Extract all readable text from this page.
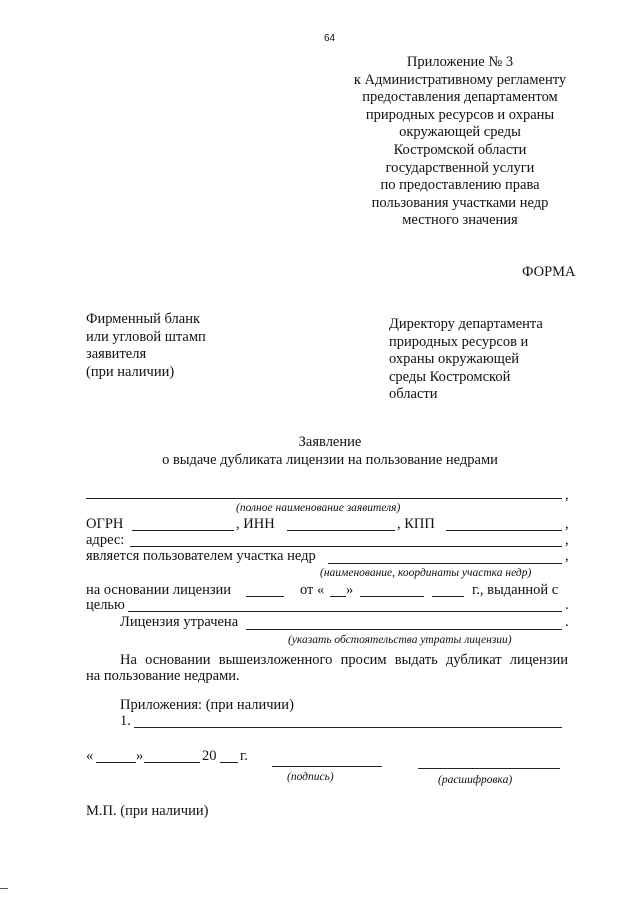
64
Приложение № 3
к Административному регламенту
предоставления департаментом
природных ресурсов и охраны
окружающей среды
Костромской области
государственной услуги
по предоставлению права
пользования участками недр
местного значения
ФОРМА
Фирменный бланк
или угловой штамп
заявителя
(при наличии)
Директору департамента
природных ресурсов и
охраны окружающей
среды Костромской
области
Заявление
о выдаче дубликата лицензии на пользование недрами
,
(полное наименование заявителя)
ОГРН	, ИНН	, КПП	,
адрес:	,
является пользователем участка недр	,
(наименование, координаты участка недр)
на основании лицензии	от « »	г., выданной с
целью	.
Лицензия утрачена	.
(указать обстоятельства утраты лицензии)
На основании вышеизложенного просим выдать дубликат лицензии
на пользование недрами.
Приложения: (при наличии)
1.
«	»	20 г.
(подпись)	(расшифровка)
М.П. (при наличии)
